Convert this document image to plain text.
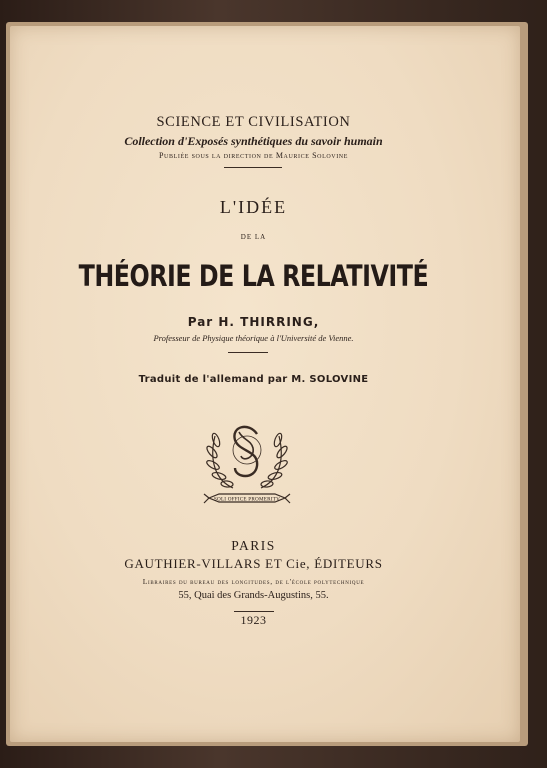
SCIENCE ET CIVILISATION
Collection d'Exposés synthétiques du savoir humain
Publiée sous la direction de Maurice Solovine
L'IDÉE
DE LA
THÉORIE DE LA RELATIVITÉ
Par H. THIRRING,
Professeur de Physique théorique à l'Université de Vienne.
Traduit de l'allemand par M. SOLOVINE
SOLI OFFICE PROMERITV
PARIS
GAUTHIER-VILLARS ET Cie, ÉDITEURS
Libraires du bureau des longitudes, de l'école polytechnique
55, Quai des Grands-Augustins, 55.
1923
